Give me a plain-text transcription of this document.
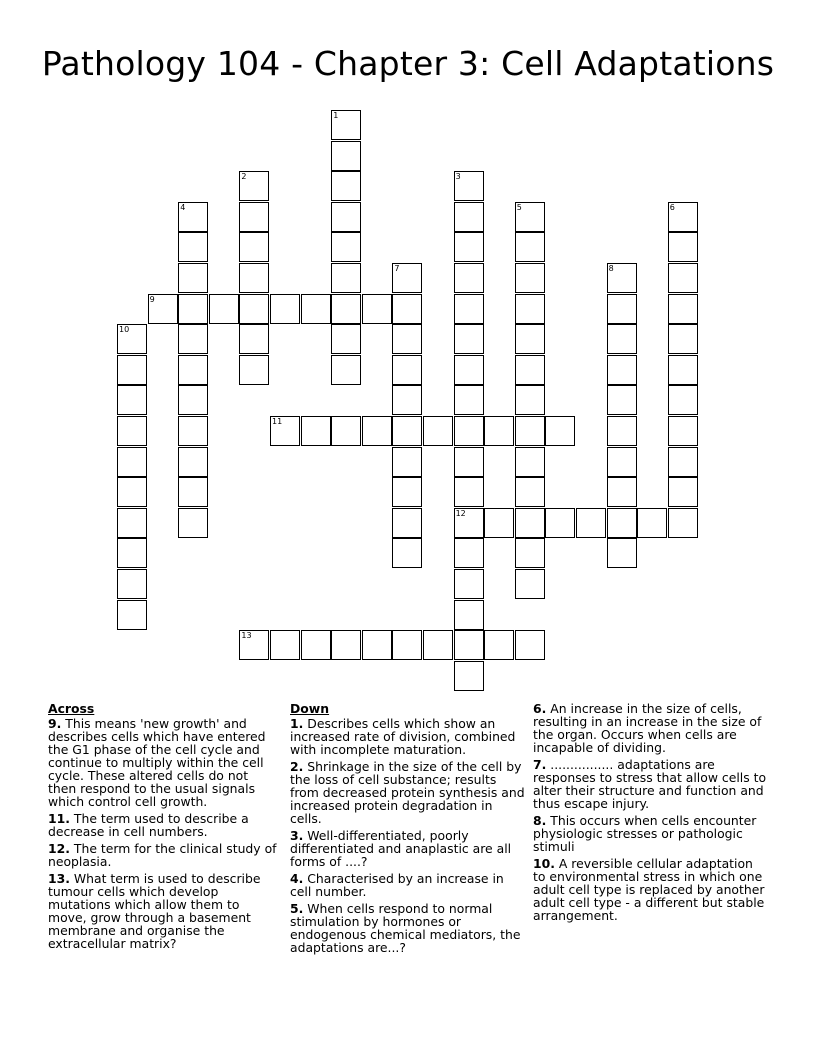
Pathology 104 - Chapter 3: Cell Adaptations
1
2	3
12
4	5	6
7	8
9
10
11
13
Across
9. This means 'new growth' and describes cells which have entered the G1 phase of the cell cycle and continue to multiply within the cell cycle. These altered cells do not then respond to the usual signals which control cell growth.
11. The term used to describe a decrease in cell numbers.
12. The term for the clinical study of neoplasia.
13. What term is used to describe tumour cells which develop mutations which allow them to move, grow through a basement membrane and organise the extracellular matrix?
Down
1. Describes cells which show an increased rate of division, combined with incomplete maturation.
2. Shrinkage in the size of the cell by the loss of cell substance; results from decreased protein synthesis and increased protein degradation in cells.
3. Well-differentiated, poorly differentiated and anaplastic are all forms of ....?
4. Characterised by an increase in cell number.
5. When cells respond to normal stimulation by hormones or endogenous chemical mediators, the adaptations are...?
6. An increase in the size of cells, resulting in an increase in the size of the organ. Occurs when cells are incapable of dividing.
7. ................ adaptations are responses to stress that allow cells to alter their structure and function and thus escape injury.
8. This occurs when cells encounter physiologic stresses or pathologic stimuli
10. A reversible cellular adaptation to environmental stress in which one adult cell type is replaced by another adult cell type - a different but stable arrangement.
